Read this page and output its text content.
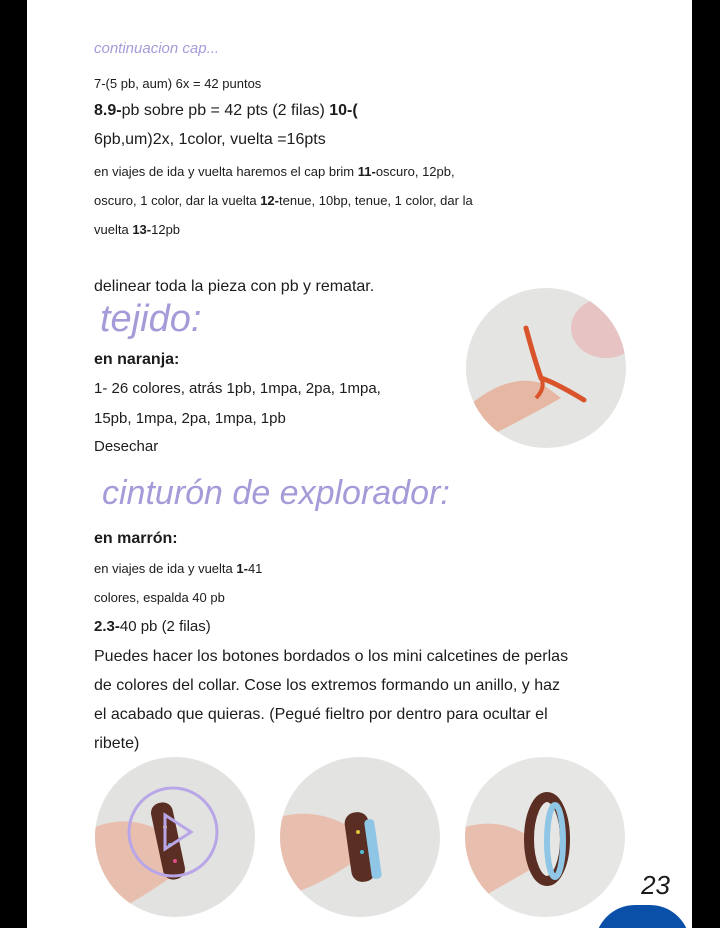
continuacion cap...
7-(5 pb, aum) 6x = 42 puntos
8.9-pb sobre pb = 42 pts (2 filas) 10-(
6pb,um)2x, 1color, vuelta =16pts
en viajes de ida y vuelta haremos el cap brim 11-oscuro, 12pb,
oscuro, 1 color, dar la vuelta 12-tenue, 10bp, tenue, 1 color, dar la
vuelta 13-12pb
delinear toda la pieza con pb y rematar.
tejido:
en naranja:
1- 26 colores, atrás 1pb, 1mpa, 2pa, 1mpa,
15pb, 1mpa, 2pa, 1mpa, 1pb
Desechar
cinturón de explorador:
en marrón:
en viajes de ida y vuelta 1-41
colores, espalda 40 pb
2.3-40 pb (2 filas)
Puedes hacer los botones bordados o los mini calcetines de perlas
de colores del collar. Cose los extremos formando un anillo, y haz
el acabado que quieras. (Pegué fieltro por dentro para ocultar el
ribete)
23
